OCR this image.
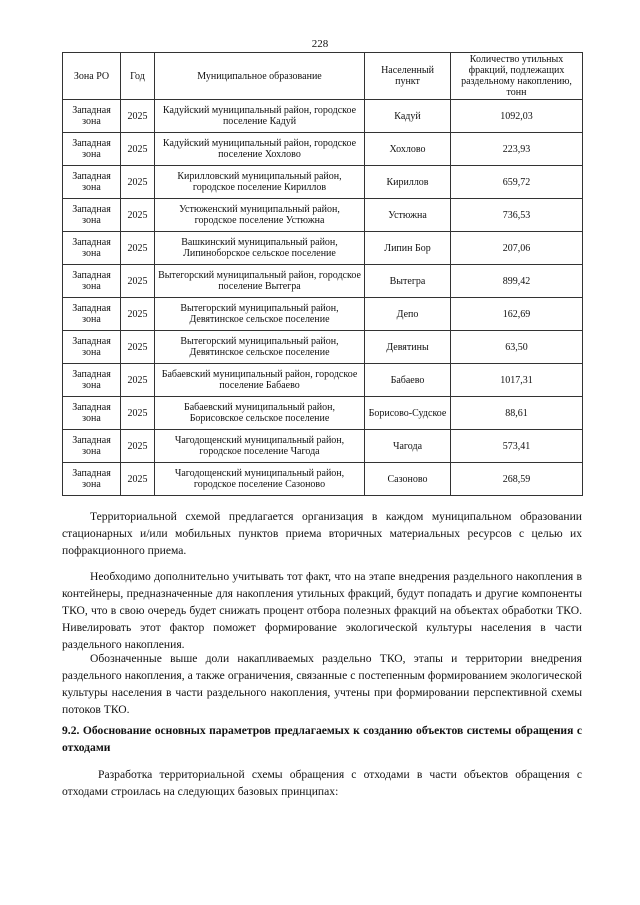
228
Зона РО	Год	Муниципальное образование	Населенный пункт	Количество утильных фракций, подлежащих раздельному накоплению, тонн
Западная зона	2025	Кадуйский муниципальный район, городское поселение Кадуй	Кадуй	1092,03
Западная зона	2025	Кадуйский муниципальный район, городское поселение Хохлово	Хохлово	223,93
Западная зона	2025	Кирилловский муниципальный район, городское поселение Кириллов	Кириллов	659,72
Западная зона	2025	Устюженский муниципальный район, городское поселение Устюжна	Устюжна	736,53
Западная зона	2025	Вашкинский муниципальный район, Липиноборское сельское поселение	Липин Бор	207,06
Западная зона	2025	Вытегорский муниципальный район, городское поселение Вытегра	Вытегра	899,42
Западная зона	2025	Вытегорский муниципальный район, Девятинское сельское поселение	Депо	162,69
Западная зона	2025	Вытегорский муниципальный район, Девятинское сельское поселение	Девятины	63,50
Западная зона	2025	Бабаевский муниципальный район, городское поселение Бабаево	Бабаево	1017,31
Западная зона	2025	Бабаевский муниципальный район, Борисовское сельское поселение	Борисово-Судское	88,61
Западная зона	2025	Чагодощенский муниципальный район, городское поселение Чагода	Чагода	573,41
Западная зона	2025	Чагодощенский муниципальный район, городское поселение Сазоново	Сазоново	268,59

Территориальной схемой предлагается организация в каждом муниципальном образовании стационарных и/или мобильных пунктов приема вторичных материальных ресурсов с целью их пофракционного приема.

Необходимо дополнительно учитывать тот факт, что на этапе внедрения раздельного накопления в контейнеры, предназначенные для накопления утильных фракций, будут попадать и другие компоненты ТКО, что в свою очередь будет снижать процент отбора полезных фракций на объектах обработки ТКО. Нивелировать этот фактор поможет формирование экологической культуры населения в части раздельного накопления.

Обозначенные выше доли накапливаемых раздельно ТКО, этапы и территории внедрения раздельного накопления, а также ограничения, связанные с постепенным формированием экологической культуры населения в части раздельного накопления, учтены при формировании перспективной схемы потоков ТКО.

9.2. Обоснование основных параметров предлагаемых к созданию объектов системы обращения с отходами

Разработка территориальной схемы обращения с отходами в части объектов обращения с отходами строилась на следующих базовых принципах:
